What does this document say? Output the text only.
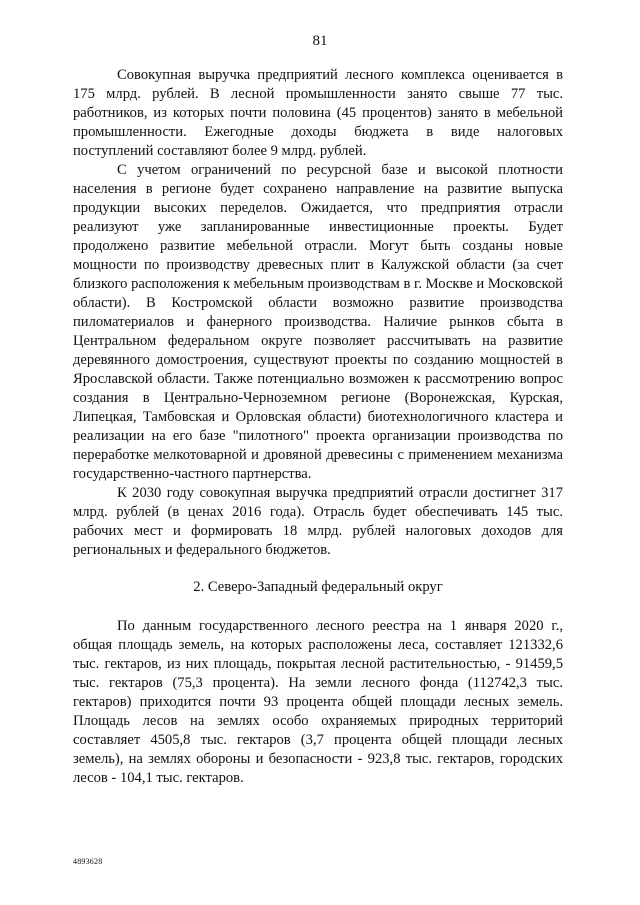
81

Совокупная выручка предприятий лесного комплекса оценивается в 175 млрд. рублей. В лесной промышленности занято свыше 77 тыс. работников, из которых почти половина (45 процентов) занято в мебельной промышленности. Ежегодные доходы бюджета в виде налоговых поступлений составляют более 9 млрд. рублей.

С учетом ограничений по ресурсной базе и высокой плотности населения в регионе будет сохранено направление на развитие выпуска продукции высоких переделов. Ожидается, что предприятия отрасли реализуют уже запланированные инвестиционные проекты. Будет продолжено развитие мебельной отрасли. Могут быть созданы новые мощности по производству древесных плит в Калужской области (за счет близкого расположения к мебельным производствам в г. Москве и Московской области). В Костромской области возможно развитие производства пиломатериалов и фанерного производства. Наличие рынков сбыта в Центральном федеральном округе позволяет рассчитывать на развитие деревянного домостроения, существуют проекты по созданию мощностей в Ярославской области. Также потенциально возможен к рассмотрению вопрос создания в Центрально-Черноземном регионе (Воронежская, Курская, Липецкая, Тамбовская и Орловская области) биотехнологичного кластера и реализации на его базе "пилотного" проекта организации производства по переработке мелкотоварной и дровяной древесины с применением механизма государственно-частного партнерства.

К 2030 году совокупная выручка предприятий отрасли достигнет 317 млрд. рублей (в ценах 2016 года). Отрасль будет обеспечивать 145 тыс. рабочих мест и формировать 18 млрд. рублей налоговых доходов для региональных и федерального бюджетов.

2. Северо-Западный федеральный округ

По данным государственного лесного реестра на 1 января 2020 г., общая площадь земель, на которых расположены леса, составляет 121332,6 тыс. гектаров, из них площадь, покрытая лесной растительностью, - 91459,5 тыс. гектаров (75,3 процента). На земли лесного фонда (112742,3 тыс. гектаров) приходится почти 93 процента общей площади лесных земель. Площадь лесов на землях особо охраняемых природных территорий составляет 4505,8 тыс. гектаров (3,7 процента общей площади лесных земель), на землях обороны и безопасности - 923,8 тыс. гектаров, городских лесов - 104,1 тыс. гектаров.

4893628
